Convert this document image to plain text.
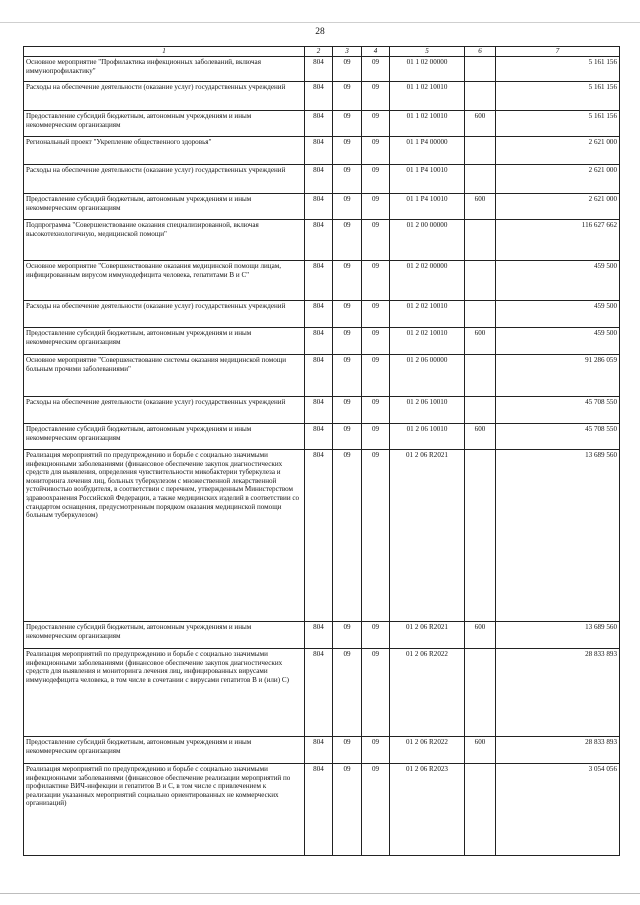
28
1	2	3	4	5	6	7
Основное мероприятие "Профилактика инфекционных заболеваний, включая иммунопрофилактику"	804	09	09	01 1 02 00000		5 161 156
Расходы на обеспечение деятельности (оказание услуг) государственных учреждений	804	09	09	01 1 02 10010		5 161 156
Предоставление субсидий бюджетным, автономным учреждениям и иным некоммерческим организациям	804	09	09	01 1 02 10010	600	5 161 156
Региональный проект "Укрепление общественного здоровья"	804	09	09	01 1 P4 00000		2 621 000
Расходы на обеспечение деятельности (оказание услуг) государственных учреждений	804	09	09	01 1 P4 10010		2 621 000
Предоставление субсидий бюджетным, автономным учреждениям и иным некоммерческим организациям	804	09	09	01 1 P4 10010	600	2 621 000
Подпрограмма "Совершенствование оказания специализированной, включая высокотехнологичную, медицинской помощи"	804	09	09	01 2 00 00000		116 627 662
Основное мероприятие "Совершенствование оказания медицинской помощи лицам, инфицированным вирусом иммунодефицита человека, гепатитами В и С"	804	09	09	01 2 02 00000		459 500
Расходы на обеспечение деятельности (оказание услуг) государственных учреждений	804	09	09	01 2 02 10010		459 500
Предоставление субсидий бюджетным, автономным учреждениям и иным некоммерческим организациям	804	09	09	01 2 02 10010	600	459 500
Основное мероприятие "Совершенствование системы оказания медицинской помощи больным прочими заболеваниями"	804	09	09	01 2 06 00000		91 286 059
Расходы на обеспечение деятельности (оказание услуг) государственных учреждений	804	09	09	01 2 06 10010		45 708 550
Предоставление субсидий бюджетным, автономным учреждениям и иным некоммерческим организациям	804	09	09	01 2 06 10010	600	45 708 550
Реализация мероприятий по предупреждению и борьбе с социально значимыми инфекционными заболеваниями (финансовое обеспечение закупок диагностических средств для выявления, определения чувствительности микобактерии туберкулеза и мониторинга лечения лиц, больных туберкулезом с множественной лекарственной устойчивостью возбудителя, в соответствии с перечнем, утвержденным Министерством здравоохранения Российской Федерации, а также медицинских изделий в соответствии со стандартом оснащения, предусмотренным порядком оказания медицинской помощи больным туберкулезом)	804	09	09	01 2 06 R2021		13 689 560
Предоставление субсидий бюджетным, автономным учреждениям и иным некоммерческим организациям	804	09	09	01 2 06 R2021	600	13 689 560
Реализация мероприятий по предупреждению и борьбе с социально значимыми инфекционными заболеваниями (финансовое обеспечение закупок диагностических средств для выявления и мониторинга лечения лиц, инфицированных вирусами иммунодефицита человека, в том числе в сочетании с вирусами гепатитов В и (или) С)	804	09	09	01 2 06 R2022		28 833 893
Предоставление субсидий бюджетным, автономным учреждениям и иным некоммерческим организациям	804	09	09	01 2 06 R2022	600	28 833 893
Реализация мероприятий по предупреждению и борьбе с социально значимыми инфекционными заболеваниями (финансовое обеспечение реализации мероприятий по профилактике ВИЧ-инфекции и гепатитов В и С, в том числе с привлечением к реализации указанных мероприятий социально ориентированных не коммерческих организаций)	804	09	09	01 2 06 R2023		3 054 056
